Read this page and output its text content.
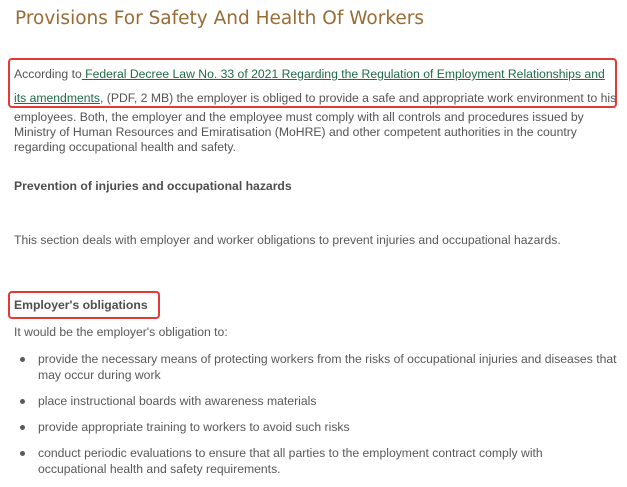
Provisions For Safety And Health Of Workers
According to Federal Decree Law No. 33 of 2021 Regarding the Regulation of Employment Relationships and
its amendments, (PDF, 2 MB) the employer is obliged to provide a safe and appropriate work environment to his
employees. Both, the employer and the employee must comply with all controls and procedures issued by
Ministry of Human Resources and Emiratisation (MoHRE) and other competent authorities in the country
regarding occupational health and safety.
Prevention of injuries and occupational hazards

This section deals with employer and worker obligations to prevent injuries and occupational hazards.

Employer's obligations

It would be the employer's obligation to:

provide the necessary means of protecting workers from the risks of occupational injuries and diseases that
may occur during work
place instructional boards with awareness materials
provide appropriate training to workers to avoid such risks
conduct periodic evaluations to ensure that all parties to the employment contract comply with
occupational health and safety requirements.
